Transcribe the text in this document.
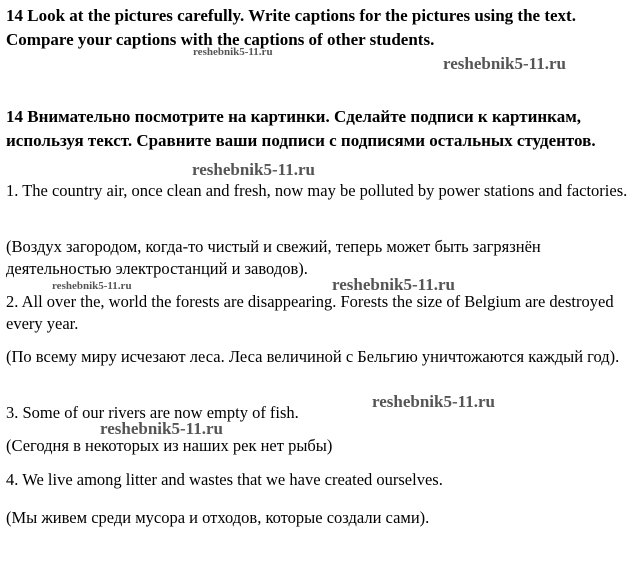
14 Look at the pictures carefully. Write captions for the pictures using the text. Compare your captions with the captions of other students.

14 Внимательно посмотрите на картинки. Сделайте подписи к картинкам, используя текст. Сравните ваши подписи с подписями остальных студентов.

1. The country air, once clean and fresh, now may be polluted by power stations and factories.

(Воздух загородом, когда-то чистый и свежий, теперь может быть загрязнён деятельностью электростанций и заводов).

2. All over the, world the forests are disappearing. Forests the size of Belgium are destroyed every year.

(По всему миру исчезают леса. Леса величиной с Бельгию уничтожаются каждый год).

3. Some of our rivers are now empty of fish.

(Сегодня в некоторых из наших рек нет рыбы)

4. We live among litter and wastes that we have created ourselves.

(Мы живем среди мусора и отходов, которые создали сами).

reshebnik5-11.ru
reshebnik5-11.ru
reshebnik5-11.ru
reshebnik5-11.ru	reshebnik5-11.ru
reshebnik5-11.ru
reshebnik5-11.ru
